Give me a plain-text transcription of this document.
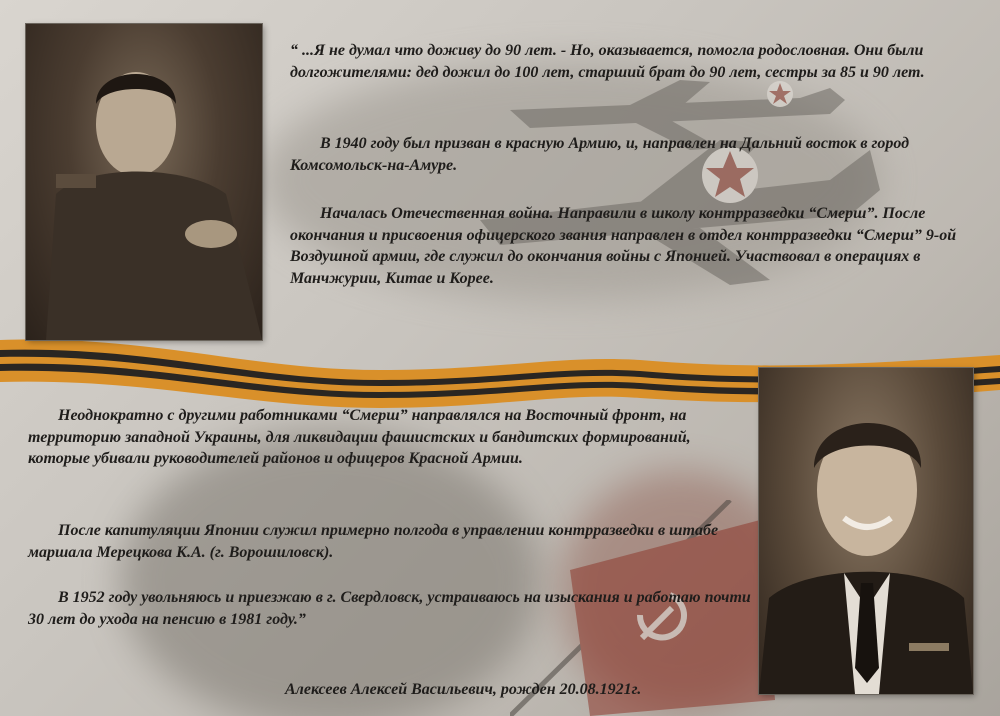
“ ...Я не думал что доживу до 90 лет. - Но, оказывается, помогла родословная. Они были долгожителями: дед дожил до 100 лет, старший брат до 90 лет, сестры за 85 и 90 лет.

В 1940 году был призван в красную Армию, и, направлен на Дальний восток в город Комсомольск-на-Амуре.

Началась Отечественная война. Направили в школу контрразведки “Смерш”. После окончания и присвоения офицерского звания направлен в отдел контрразведки “Смерш” 9-ой Воздушной армии, где служил до окончания войны с Японией. Участвовал в операциях в Манчжурии, Китае и Корее.

Неоднократно с другими работниками “Смерш” направлялся на Восточный фронт, на территорию западной Украины, для ликвидации фашистских и бандитских формирований, которые убивали руководителей районов и офицеров Красной Армии.

После капитуляции Японии служил примерно полгода в управлении контрразведки в штабе маршала Мерецкова К.А. (г. Ворошиловск).

В 1952 году увольняюсь и приезжаю в г. Свердловск, устраиваюсь на изыскания и работаю почти 30 лет до ухода на пенсию в 1981 году.”

Алексеев Алексей Васильевич, рожден 20.08.1921г.
